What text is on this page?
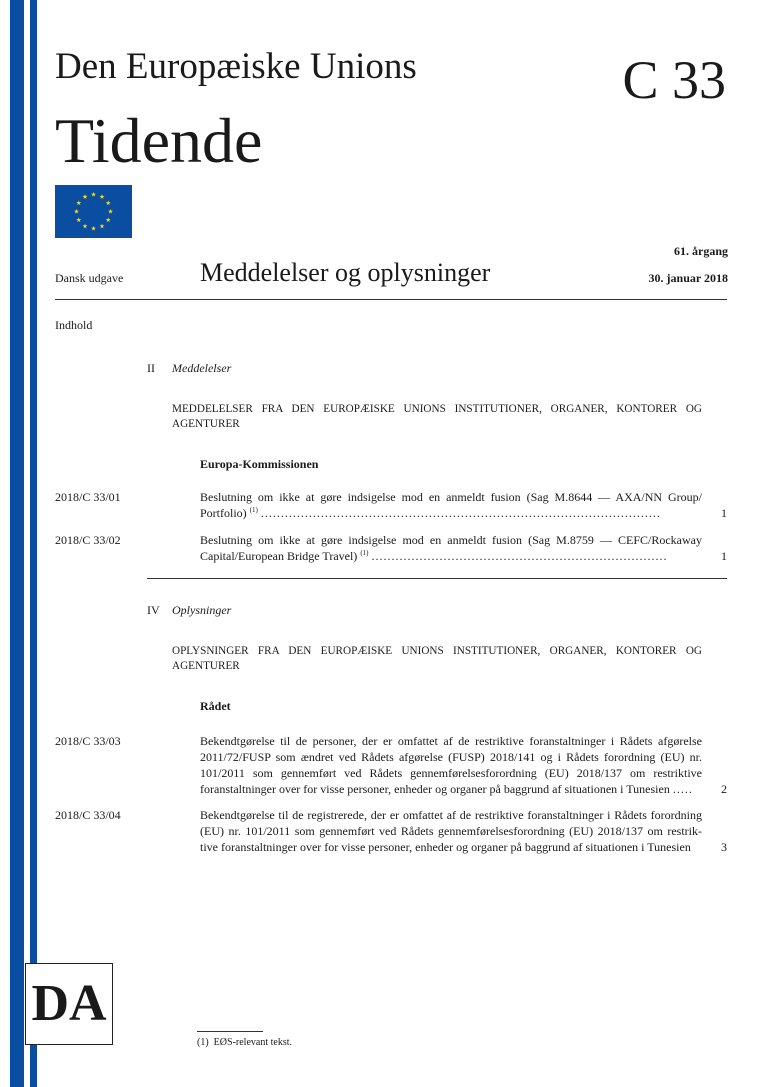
Den Europæiske Unions
Tidende
C 33
61. årgang
Dansk udgave	Meddelelser og oplysninger	30. januar 2018
Indhold
II Meddelelser
MEDDELELSER FRA DEN EUROPÆISKE UNIONS INSTITUTIONER, ORGANER, KONTORER OG AGENTURER
Europa-Kommissionen
2018/C 33/01	Beslutning om ikke at gøre indsigelse mod en anmeldt fusion (Sag M.8644 — AXA/NN Group/ Portfolio) $^{(1)}$ ....................................................................................................	1
2018/C 33/02	Beslutning om ikke at gøre indsigelse mod en anmeldt fusion (Sag M.8759 — CEFC/Rockaway Capital/European Bridge Travel) $^{(1)}$ ..........................................................................	1
IV Oplysninger
OPLYSNINGER FRA DEN EUROPÆISKE UNIONS INSTITUTIONER, ORGANER, KONTORER OG AGENTURER
Rådet
2018/C 33/03	Bekendtgørelse til de personer, der er omfattet af de restriktive foranstaltninger i Rådets afgørelse 2011/72/FUSP som ændret ved Rådets afgørelse (FUSP) 2018/141 og i Rådets forordning (EU) nr. 101/2011 som gennemført ved Rådets gennemførelsesforordning (EU) 2018/137 om restriktive foranstaltninger over for visse personer, enheder og organer på baggrund af situationen i Tunesien .....	2
2018/C 33/04	Bekendtgørelse til de registrerede, der er omfattet af de restriktive foranstaltninger i Rådets forordning (EU) nr. 101/2011 som gennemført ved Rådets gennemførelsesforordning (EU) 2018/137 om restrik-tive foranstaltninger over for visse personer, enheder og organer på baggrund af situationen i Tunesien	3
DA
(1) EØS-relevant tekst.
